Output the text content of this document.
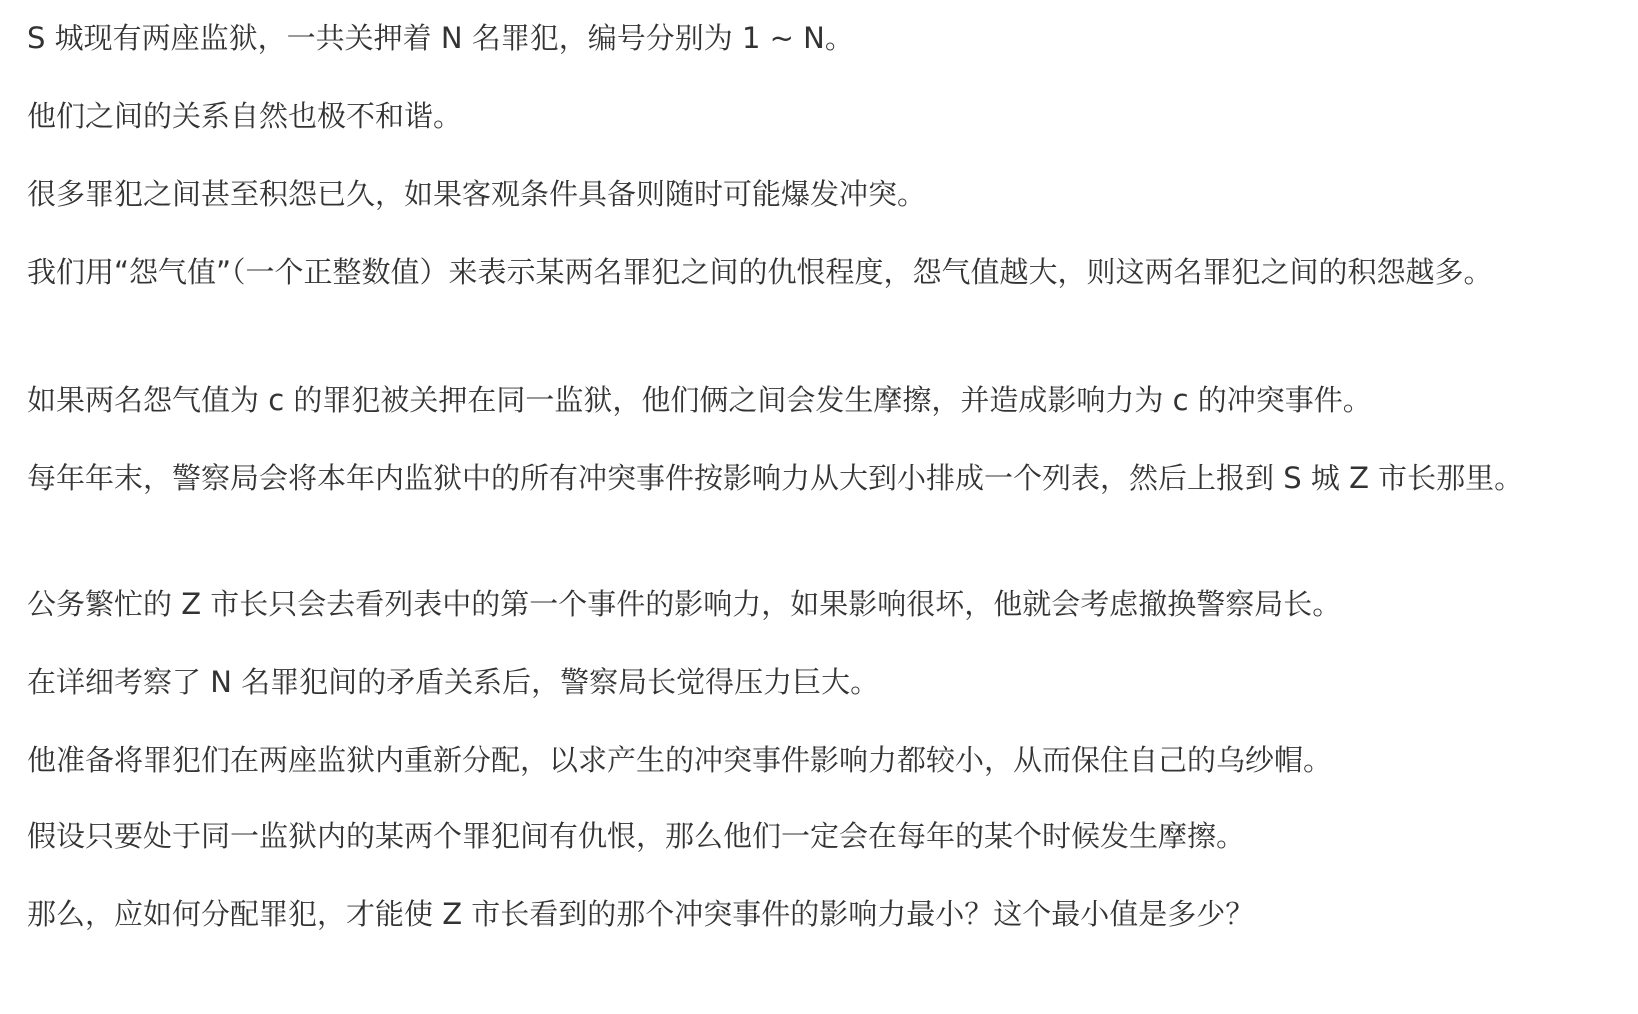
S 城现有两座监狱，一共关押着 N 名罪犯，编号分别为 1 ~ N。

他们之间的关系自然也极不和谐。

很多罪犯之间甚至积怨已久，如果客观条件具备则随时可能爆发冲突。

我们用“怨气值”（一个正整数值）来表示某两名罪犯之间的仇恨程度，怨气值越大，则这两名罪犯之间的积怨越多。

如果两名怨气值为 c 的罪犯被关押在同一监狱，他们俩之间会发生摩擦，并造成影响力为 c 的冲突事件。

每年年末，警察局会将本年内监狱中的所有冲突事件按影响力从大到小排成一个列表，然后上报到 S 城 Z 市长那里。

公务繁忙的 Z 市长只会去看列表中的第一个事件的影响力，如果影响很坏，他就会考虑撤换警察局长。

在详细考察了 N 名罪犯间的矛盾关系后，警察局长觉得压力巨大。

他准备将罪犯们在两座监狱内重新分配，以求产生的冲突事件影响力都较小，从而保住自己的乌纱帽。

假设只要处于同一监狱内的某两个罪犯间有仇恨，那么他们一定会在每年的某个时候发生摩擦。

那么，应如何分配罪犯，才能使 Z 市长看到的那个冲突事件的影响力最小？这个最小值是多少？
